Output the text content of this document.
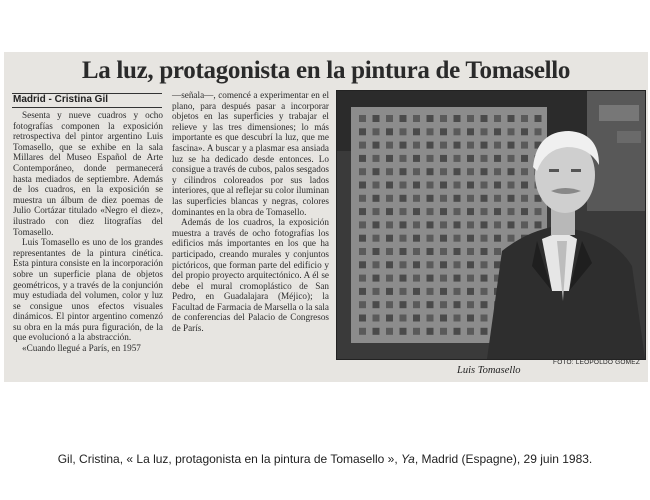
La luz, protagonista en la pintura de Tomasello
Madrid - Cristina Gil

Sesenta y nueve cuadros y ocho fotografías componen la exposición retrospectiva del pintor argentino Luis Tomasello, que se exhibe en la sala Millares del Museo Español de Arte Contemporáneo, donde permanecerá hasta mediados de septiembre. Además de los cuadros, en la exposición se muestra un álbum de diez poemas de Julio Cortázar titulado «Negro el diez», ilustrado con diez litografías del Tomasello.

Luis Tomasello es uno de los grandes representantes de la pintura cinética. Esta pintura consiste en la incorporación sobre un superficie plana de objetos geométricos, y a través de la conjunción muy estudiada del volumen, color y luz se consigue unos efectos visuales dinámicos. El pintor argentino comenzó su obra en la más pura figuración, de la que evolucionó a la abstracción.

«Cuando llegué a París, en 1957

—señala—, comencé a experimentar en el plano, para después pasar a incorporar objetos en las superficies y trabajar el relieve y las tres dimensiones; lo más importante es que descubrí la luz, que me fascina». A buscar y a plasmar esa ansiada luz se ha dedicado desde entonces. Lo consigue a través de cubos, palos sesgados y cilindros coloreados por sus lados interiores, que al reflejar su color iluminan las superficies blancas y negras, colores dominantes en la obra de Tomasello.

Además de los cuadros, la exposición muestra a través de ocho fotografías los edificios más importantes en los que ha participado, creando murales y conjuntos pictóricos, que forman parte del edificio y del propio proyecto arquitectónico. A él se debe el mural cromoplástico de San Pedro, en Guadalajara (Méjico); la Facultad de Farmacia de Marsella o la sala de conferencias del Palacio de Congresos de París.

FOTO: LEOPOLDO GOMEZ
Luis Tomasello
Gil, Cristina, « La luz, protagonista en la pintura de Tomasello », Ya, Madrid (Espagne), 29 juin 1983.
